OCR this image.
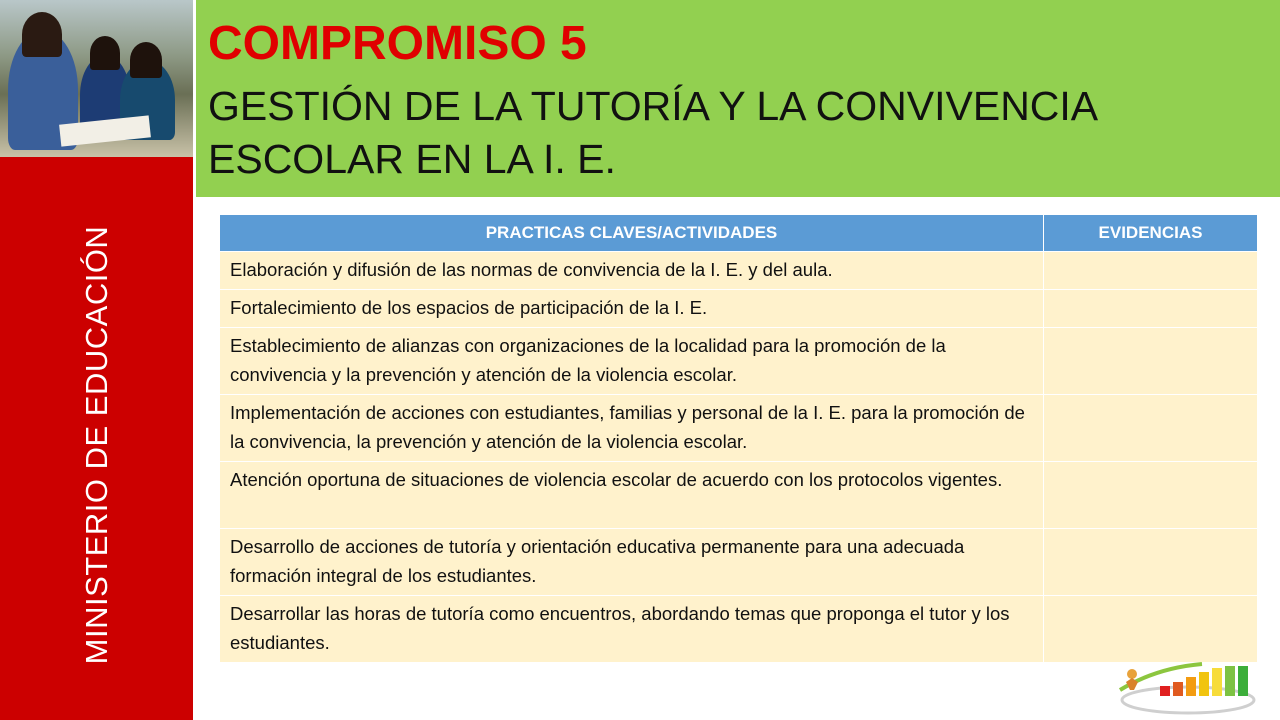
MINISTERIO DE EDUCACIÓN
COMPROMISO 5
GESTIÓN DE LA TUTORÍA Y LA CONVIVENCIA ESCOLAR EN LA I. E.
PRACTICAS CLAVES/ACTIVIDADES	EVIDENCIAS
Elaboración y difusión de las normas de convivencia de la I. E. y del aula.	
Fortalecimiento de los espacios de participación de la I. E.	
Establecimiento de alianzas con organizaciones de la localidad para la promoción de la convivencia y la prevención y atención de la violencia escolar.	
Implementación de acciones con estudiantes, familias y personal de la I. E. para la promoción de la convivencia, la prevención y atención de la violencia escolar.	
Atención oportuna de situaciones de violencia escolar de acuerdo con los protocolos vigentes.	
Desarrollo de acciones de tutoría y orientación educativa permanente para una adecuada formación integral de los estudiantes.	
Desarrollar las horas de tutoría como encuentros, abordando temas que proponga el tutor y los estudiantes.	
